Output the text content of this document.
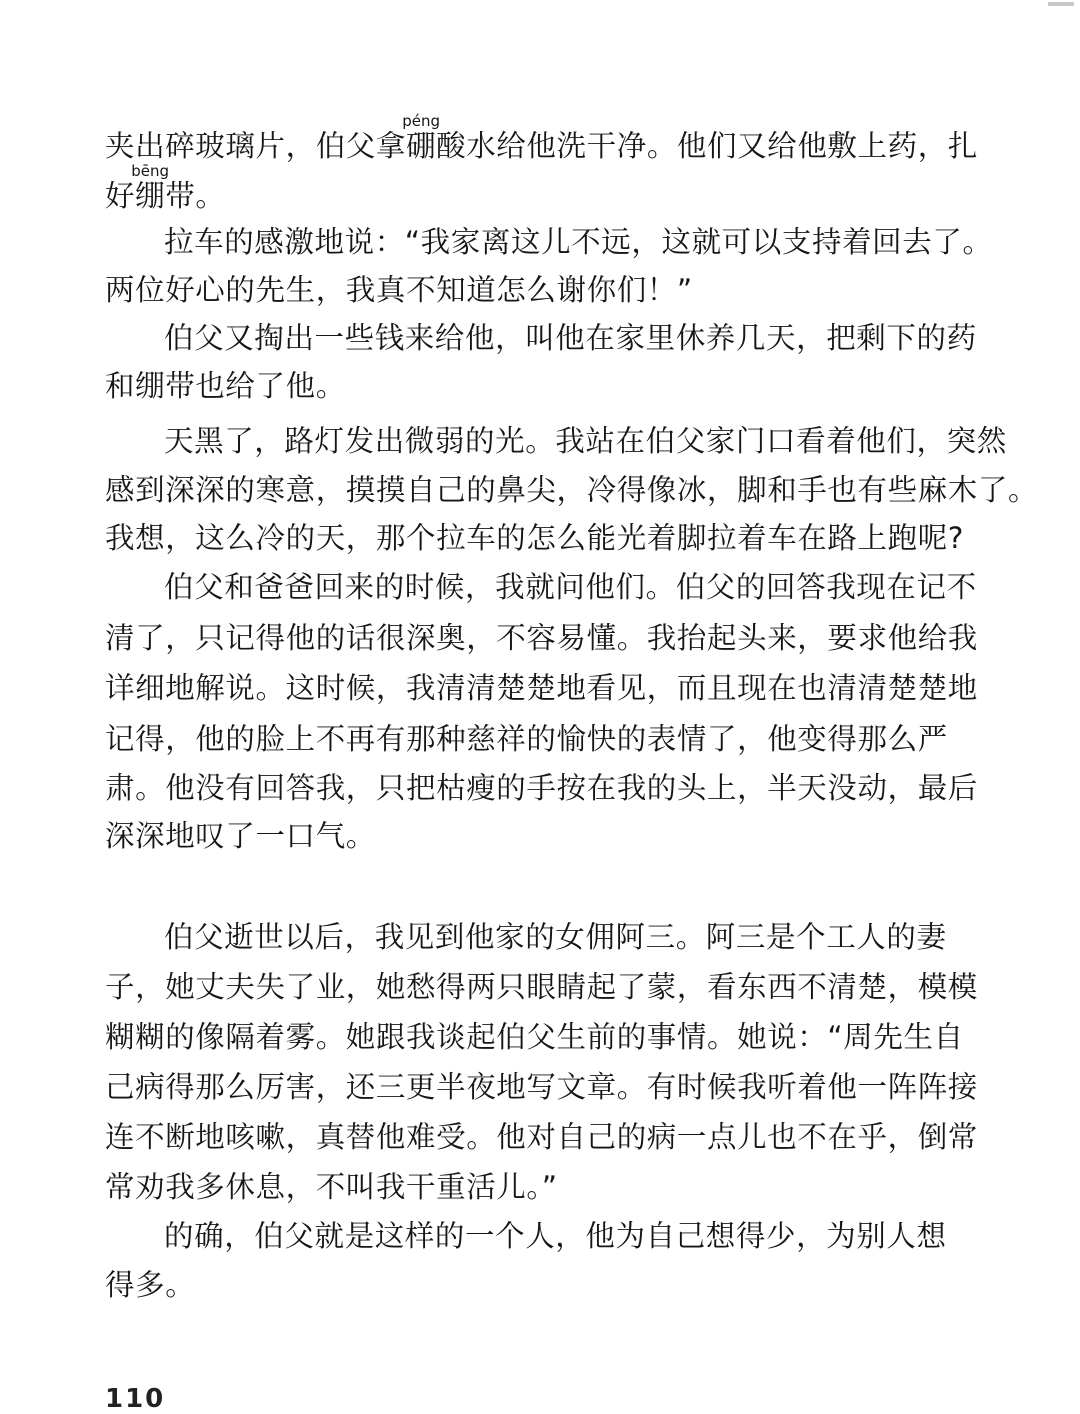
夹出碎玻璃片，伯父拿硼péng酸水给他洗干净。他们又给他敷上药，扎
好绷bēng带。
拉车的感激地说：“我家离这儿不远，这就可以支持着回去了。
两位好心的先生，我真不知道怎么谢你们！”
伯父又掏出一些钱来给他，叫他在家里休养几天，把剩下的药
和绷带也给了他。
天黑了，路灯发出微弱的光。我站在伯父家门口看着他们，突然
感到深深的寒意，摸摸自己的鼻尖，冷得像冰，脚和手也有些麻木了。
我想，这么冷的天，那个拉车的怎么能光着脚拉着车在路上跑呢?
伯父和爸爸回来的时候，我就问他们。伯父的回答我现在记不
清了，只记得他的话很深奥，不容易懂。我抬起头来，要求他给我
详细地解说。这时候，我清清楚楚地看见，而且现在也清清楚楚地
记得，他的脸上不再有那种慈祥的愉快的表情了，他变得那么严
肃。他没有回答我，只把枯瘦的手按在我的头上，半天没动，最后
深深地叹了一口气。
伯父逝世以后，我见到他家的女佣阿三。阿三是个工人的妻
子，她丈夫失了业，她愁得两只眼睛起了蒙，看东西不清楚，模模
糊糊的像隔着雾。她跟我谈起伯父生前的事情。她说：“周先生自
己病得那么厉害，还三更半夜地写文章。有时候我听着他一阵阵接
连不断地咳嗽，真替他难受。他对自己的病一点儿也不在乎，倒常
常劝我多休息，不叫我干重活儿。”
的确，伯父就是这样的一个人，他为自己想得少，为别人想
得多。
110
